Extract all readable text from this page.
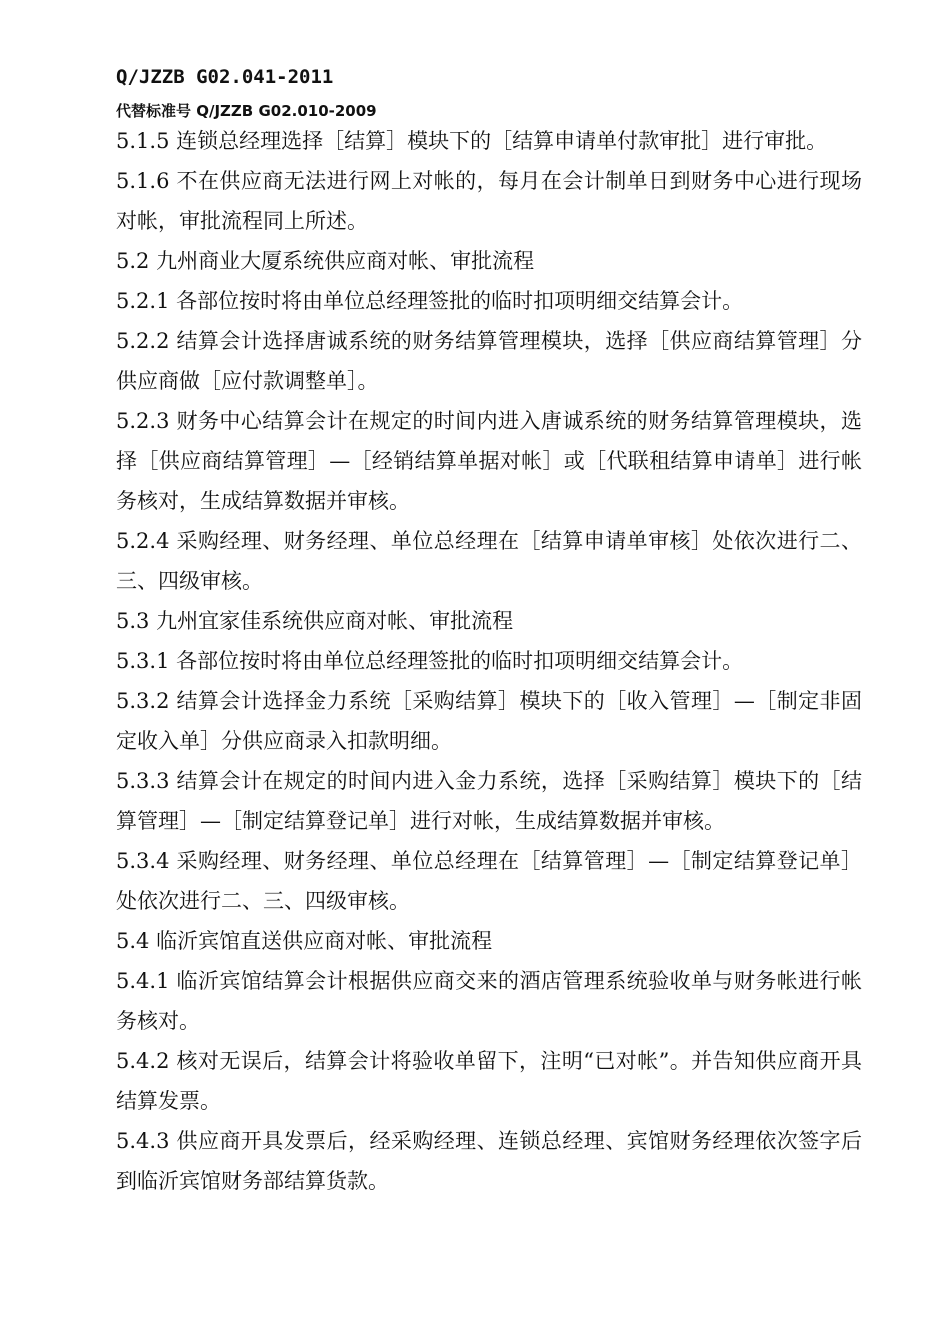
Q/JZZB G02.041-2011
代替标准号 Q/JZZB G02.010-2009

5.1.5 连锁总经理选择［结算］模块下的［结算申请单付款审批］进行审批。

5.1.6 不在供应商无法进行网上对帐的，每月在会计制单日到财务中心进行现场对帐，审批流程同上所述。

5.2 九州商业大厦系统供应商对帐、审批流程

5.2.1 各部位按时将由单位总经理签批的临时扣项明细交结算会计。

5.2.2 结算会计选择唐诚系统的财务结算管理模块，选择［供应商结算管理］分供应商做［应付款调整单］。

5.2.3 财务中心结算会计在规定的时间内进入唐诚系统的财务结算管理模块，选择［供应商结算管理］—［经销结算单据对帐］或［代联租结算申请单］进行帐务核对，生成结算数据并审核。

5.2.4 采购经理、财务经理、单位总经理在［结算申请单审核］处依次进行二、三、四级审核。

5.3 九州宜家佳系统供应商对帐、审批流程

5.3.1 各部位按时将由单位总经理签批的临时扣项明细交结算会计。

5.3.2 结算会计选择金力系统［采购结算］模块下的［收入管理］—［制定非固定收入单］分供应商录入扣款明细。

5.3.3 结算会计在规定的时间内进入金力系统，选择［采购结算］模块下的［结算管理］—［制定结算登记单］进行对帐，生成结算数据并审核。

5.3.4 采购经理、财务经理、单位总经理在［结算管理］—［制定结算登记单］处依次进行二、三、四级审核。

5.4 临沂宾馆直送供应商对帐、审批流程

5.4.1 临沂宾馆结算会计根据供应商交来的酒店管理系统验收单与财务帐进行帐务核对。

5.4.2 核对无误后，结算会计将验收单留下，注明“已对帐”。并告知供应商开具结算发票。

5.4.3 供应商开具发票后，经采购经理、连锁总经理、宾馆财务经理依次签字后到临沂宾馆财务部结算货款。
